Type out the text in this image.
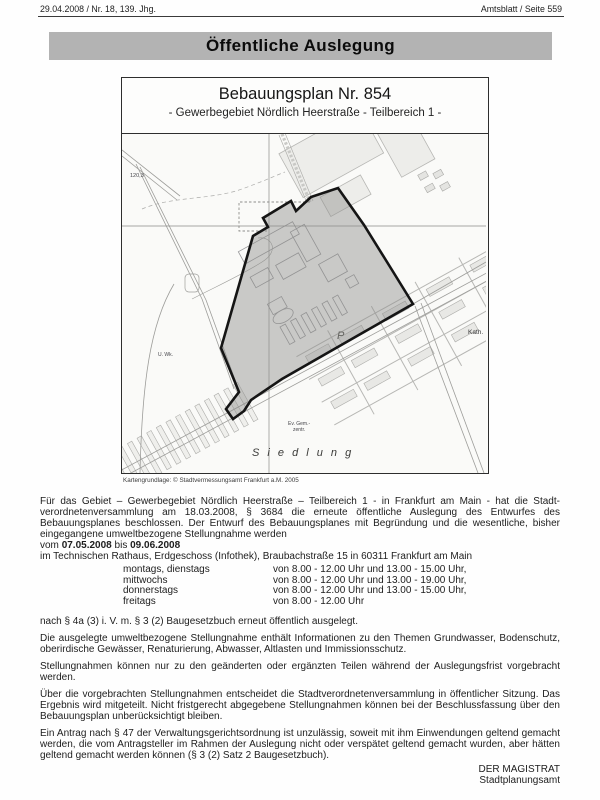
29.04.2008 / Nr. 18, 139. Jhg.	Amtsblatt / Seite 559
Öffentliche Auslegung
Bebauungsplan Nr. 854
- Gewerbegebiet Nördlich Heerstraße - Teilbereich 1 -
120,3
U. Wk.
P	Kath.
Ev. Gem.-
zentr.
S i e d l u n g
Kartengrundlage: © Stadtvermessungsamt Frankfurt a.M. 2005

Für das Gebiet – Gewerbegebiet Nördlich Heerstraße – Teilbereich 1 - in Frankfurt am Main - hat die Stadtverordnetenversammlung am 18.03.2008, § 3684 die erneute öffentliche Auslegung des Entwurfes des Bebauungsplanes beschlossen. Der Entwurf des Bebauungsplanes mit Begründung und die wesentliche, bisher eingegangene umweltbezogene Stellungnahme werden

vom 07.05.2008 bis 09.06.2008

im Technischen Rathaus, Erdgeschoss (Infothek), Braubachstraße 15 in 60311 Frankfurt am Main

montags, dienstags	von 8.00 - 12.00 Uhr und 13.00 - 15.00 Uhr,
mittwochs	von 8.00 - 12.00 Uhr und 13.00 - 19.00 Uhr,
donnerstags	von 8.00 - 12.00 Uhr und 13.00 - 15.00 Uhr,
freitags	von 8.00 - 12.00 Uhr

nach § 4a (3) i. V. m. § 3 (2) Baugesetzbuch erneut öffentlich ausgelegt.

Die ausgelegte umweltbezogene Stellungnahme enthält Informationen zu den Themen Grundwasser, Bodenschutz, oberirdische Gewässer, Renaturierung, Abwasser, Altlasten und Immissionsschutz.

Stellungnahmen können nur zu den geänderten oder ergänzten Teilen während der Auslegungsfrist vorgebracht werden.

Über die vorgebrachten Stellungnahmen entscheidet die Stadtverordnetenversammlung in öffentlicher Sitzung. Das Ergebnis wird mitgeteilt. Nicht fristgerecht abgegebene Stellungnahmen können bei der Beschlussfassung über den Bebauungsplan unberücksichtigt bleiben.

Ein Antrag nach § 47 der Verwaltungsgerichtsordnung ist unzulässig, soweit mit ihm Einwendungen geltend gemacht werden, die vom Antragsteller im Rahmen der Auslegung nicht oder verspätet geltend gemacht wurden, aber hätten geltend gemacht werden können (§ 3 (2) Satz 2 Baugesetzbuch).

DER MAGISTRAT
Stadtplanungsamt
